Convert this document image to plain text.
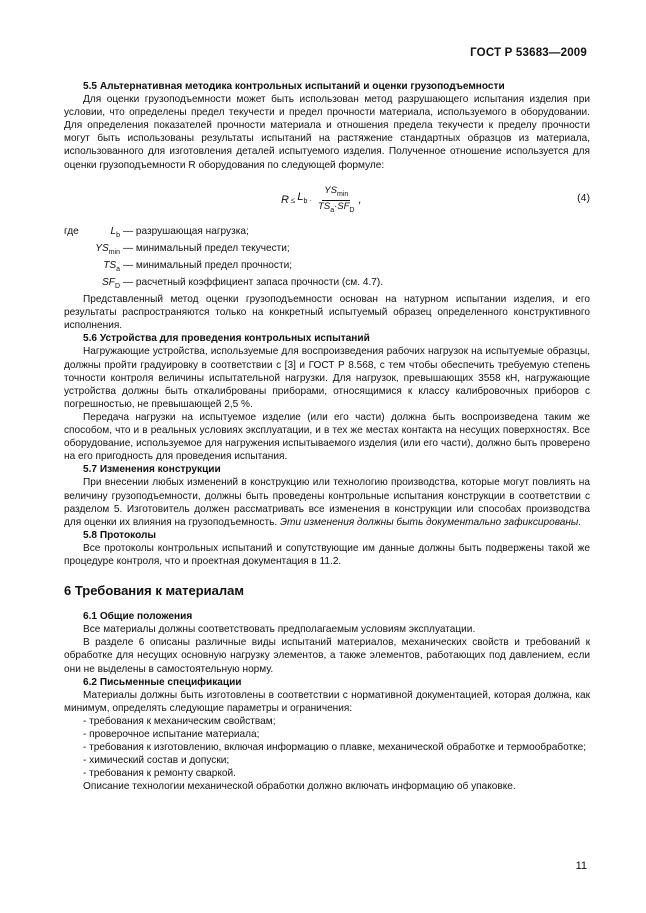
ГОСТ Р 53683—2009

5.5 Альтернативная методика контрольных испытаний и оценки грузоподъемности

Для оценки грузоподъемности может быть использован метод разрушающего испытания изделия при условии, что определены предел текучести и предел прочности материала, используемого в оборудовании. Для определения показателей прочности материала и отношения предела текучести к пределу прочности могут быть использованы результаты испытаний на растяжение стандартных образцов из материала, использованного для изготовления деталей испытуемого изделия. Полученное отношение используется для оценки грузоподъемности R оборудования по следующей формуле:

$R \le L_b \cdot \frac{YS_{min}}{TS_a\cdot SF_D}$ ,	(4)
где	$L_b$ — разрушающая нагрузка;
$YS_{min}$ — минимальный предел текучести;
$TS_a$ — минимальный предел прочности;
$SF_D$ — расчетный коэффициент запаса прочности (см. 4.7).

Представленный метод оценки грузоподъемности основан на натурном испытании изделия, и его результаты распространяются только на конкретный испытуемый образец определенного конструктивного исполнения.

5.6 Устройства для проведения контрольных испытаний

Нагружающие устройства, используемые для воспроизведения рабочих нагрузок на испытуемые образцы, должны пройти градуировку в соответствии с [3] и ГОСТ Р 8.568, с тем чтобы обеспечить требуемую степень точности контроля величины испытательной нагрузки. Для нагрузок, превышающих 3558 кН, нагружающие устройства должны быть откалиброваны приборами, относящимися к классу калибровочных приборов с погрешностью, не превышающей 2,5 %.

Передача нагрузки на испытуемое изделие (или его части) должна быть воспроизведена таким же способом, что и в реальных условиях эксплуатации, и в тех же местах контакта на несущих поверхностях. Все оборудование, используемое для нагружения испытываемого изделия (или его части), должно быть проверено на его пригодность для проведения испытания.

5.7 Изменения конструкции

При внесении любых изменений в конструкцию или технологию производства, которые могут повлиять на величину грузоподъемности, должны быть проведены контрольные испытания конструкции в соответствии с разделом 5. Изготовитель должен рассматривать все изменения в конструкции или способах производства для оценки их влияния на грузоподъемность. Эти изменения должны быть документально зафиксированы.

5.8 Протоколы

Все протоколы контрольных испытаний и сопутствующие им данные должны быть подвержены такой же процедуре контроля, что и проектная документация в 11.2.

6 Требования к материалам

6.1 Общие положения

Все материалы должны соответствовать предполагаемым условиям эксплуатации.

В разделе 6 описаны различные виды испытаний материалов, механических свойств и требований к обработке для несущих основную нагрузку элементов, а также элементов, работающих под давлением, если они не выделены в самостоятельную норму.

6.2 Письменные спецификации

Материалы должны быть изготовлены в соответствии с нормативной документацией, которая должна, как минимум, определять следующие параметры и ограничения:

- требования к механическим свойствам;

- проверочное испытание материала;

- требования к изготовлению, включая информацию о плавке, механической обработке и термообработке;

- химический состав и допуски;

- требования к ремонту сваркой.

Описание технологии механической обработки должно включать информацию об упаковке.

11
